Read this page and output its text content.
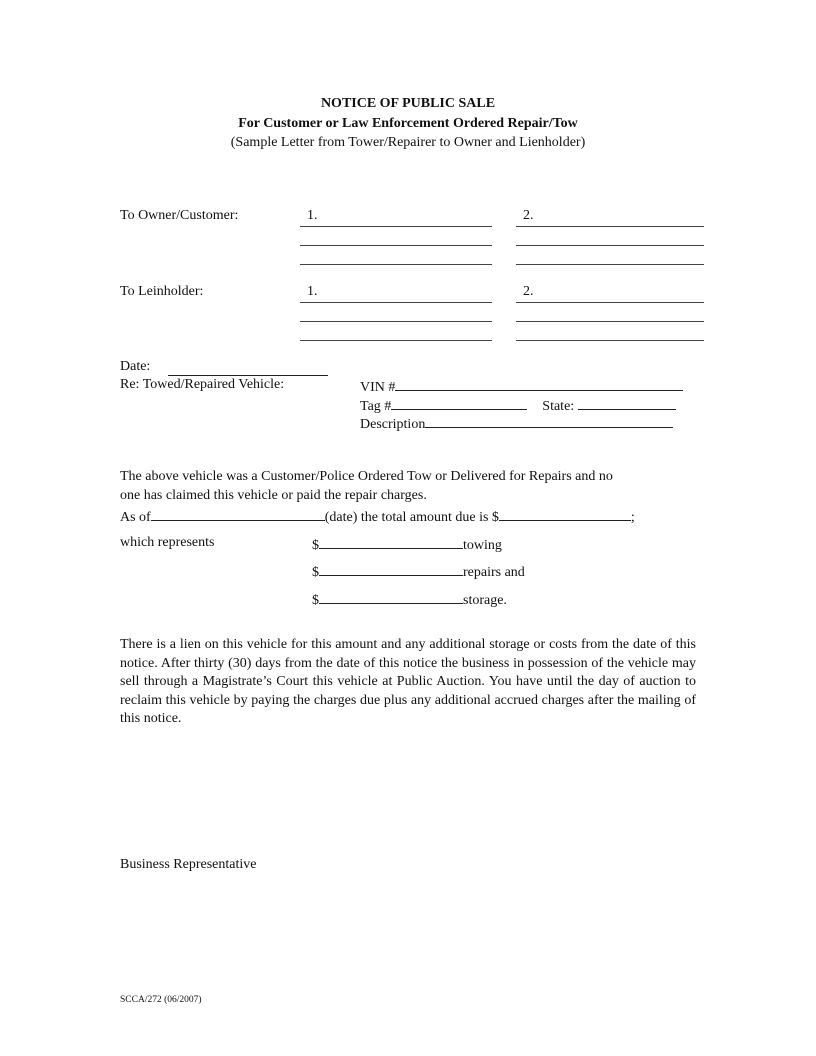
NOTICE OF PUBLIC SALE
For Customer or Law Enforcement Ordered Repair/Tow
(Sample Letter from Tower/Repairer to Owner and Lienholder)
To Owner/Customer:	1.	2.
To Leinholder:	1.	2.
Date:
Re: Towed/Repaired Vehicle:	VIN #
Tag #	State:
Description
The above vehicle was a Customer/Police Ordered Tow or Delivered for Repairs and no
one has claimed this vehicle or paid the repair charges.
As of	(date) the total amount due is $	;
which represents	$	towing
$	repairs and
$	storage.
There is a lien on this vehicle for this amount and any additional storage or costs from the date of this notice. After thirty (30) days from the date of this notice the business in possession of the vehicle may sell through a Magistrate’s Court this vehicle at Public Auction. You have until the day of auction to reclaim this vehicle by paying the charges due plus any additional accrued charges after the mailing of this notice.
Business Representative
SCCA/272 (06/2007)
